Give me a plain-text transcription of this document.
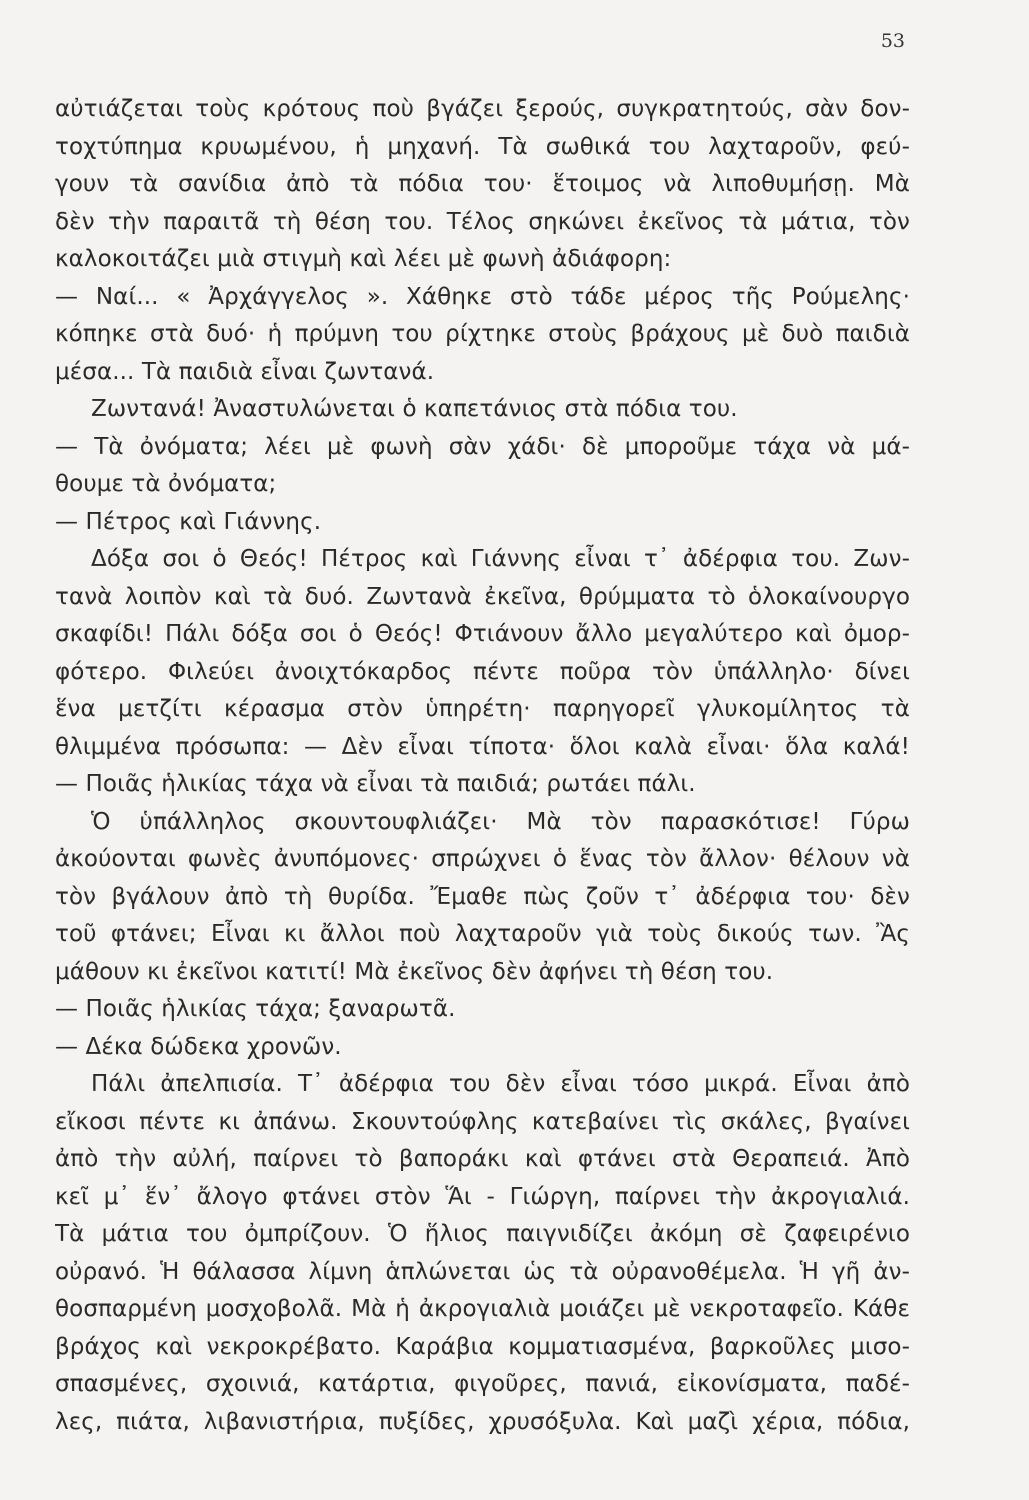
53
αὐτιάζεται τοὺς κρότους ποὺ βγάζει ξερούς, συγκρατητούς, σὰν δον-
τοχτύπημα κρυωμένου, ἡ μηχανή. Τὰ σωθικά του λαχταροῦν, φεύ-
γουν τὰ σανίδια ἀπὸ τὰ πόδια του· ἕτοιμος νὰ λιποθυμήσῃ. Μὰ
δὲν τὴν παραιτᾶ τὴ θέση του. Τέλος σηκώνει ἐκεῖνος τὰ μάτια, τὸν
καλοκοιτάζει μιὰ στιγμὴ καὶ λέει μὲ φωνὴ ἀδιάφορη:
— Ναί... « Ἀρχάγγελος ». Χάθηκε στὸ τάδε μέρος τῆς Ρούμελης·
κόπηκε στὰ δυό· ἡ πρύμνη του ρίχτηκε στοὺς βράχους μὲ δυὸ παιδιὰ
μέσα... Τὰ παιδιὰ εἶναι ζωντανά.
Ζωντανά! Ἀναστυλώνεται ὁ καπετάνιος στὰ πόδια του.
— Τὰ ὀνόματα; λέει μὲ φωνὴ σὰν χάδι· δὲ μποροῦμε τάχα νὰ μά-
θουμε τὰ ὀνόματα;
— Πέτρος καὶ Γιάννης.
Δόξα σοι ὁ Θεός! Πέτρος καὶ Γιάννης εἶναι τ᾿ ἀδέρφια του. Ζων-
τανὰ λοιπὸν καὶ τὰ δυό. Ζωντανὰ ἐκεῖνα, θρύμματα τὸ ὁλοκαίνουργο
σκαφίδι! Πάλι δόξα σοι ὁ Θεός! Φτιάνουν ἄλλο μεγαλύτερο καὶ ὀμορ-
φότερο. Φιλεύει ἀνοιχτόκαρδος πέντε ποῦρα τὸν ὑπάλληλο· δίνει
ἕνα μετζίτι κέρασμα στὸν ὑπηρέτη· παρηγορεῖ γλυκομίλητος τὰ
θλιμμένα πρόσωπα: — Δὲν εἶναι τίποτα· ὅλοι καλὰ εἶναι· ὅλα καλά!
— Ποιᾶς ἡλικίας τάχα νὰ εἶναι τὰ παιδιά; ρωτάει πάλι.
Ὁ ὑπάλληλος σκουντουφλιάζει· Μὰ τὸν παρασκότισε! Γύρω
ἀκούονται φωνὲς ἀνυπόμονες· σπρώχνει ὁ ἕνας τὸν ἄλλον· θέλουν νὰ
τὸν βγάλουν ἀπὸ τὴ θυρίδα. Ἔμαθε πὼς ζοῦν τ᾿ ἀδέρφια του· δὲν
τοῦ φτάνει; Εἶναι κι ἄλλοι ποὺ λαχταροῦν γιὰ τοὺς δικούς των. Ἂς
μάθουν κι ἐκεῖνοι κατιτί! Μὰ ἐκεῖνος δὲν ἀφήνει τὴ θέση του.
— Ποιᾶς ἡλικίας τάχα; ξαναρωτᾶ.
— Δέκα δώδεκα χρονῶν.
Πάλι ἀπελπισία. Τ᾿ ἀδέρφια του δὲν εἶναι τόσο μικρά. Εἶναι ἀπὸ
εἴκοσι πέντε κι ἀπάνω. Σκουντούφλης κατεβαίνει τὶς σκάλες, βγαίνει
ἀπὸ τὴν αὐλή, παίρνει τὸ βαποράκι καὶ φτάνει στὰ Θεραπειά. Ἀπὸ
κεῖ μ᾿ ἕν᾿ ἄλογο φτάνει στὸν Ἅι - Γιώργη, παίρνει τὴν ἀκρογιαλιά.
Τὰ μάτια του ὀμπρίζουν. Ὁ ἥλιος παιγνιδίζει ἀκόμη σὲ ζαφειρένιο
οὐρανό. Ἡ θάλασσα λίμνη ἁπλώνεται ὡς τὰ οὐρανοθέμελα. Ἡ γῆ ἀν-
θοσπαρμένη μοσχοβολᾶ. Μὰ ἡ ἀκρογιαλιὰ μοιάζει μὲ νεκροταφεῖο. Κάθε
βράχος καὶ νεκροκρέβατο. Καράβια κομματιασμένα, βαρκοῦλες μισο-
σπασμένες, σχοινιά, κατάρτια, φιγοῦρες, πανιά, εἰκονίσματα, παδέ-
λες, πιάτα, λιβανιστήρια, πυξίδες, χρυσόξυλα. Καὶ μαζὶ χέρια, πόδια,
